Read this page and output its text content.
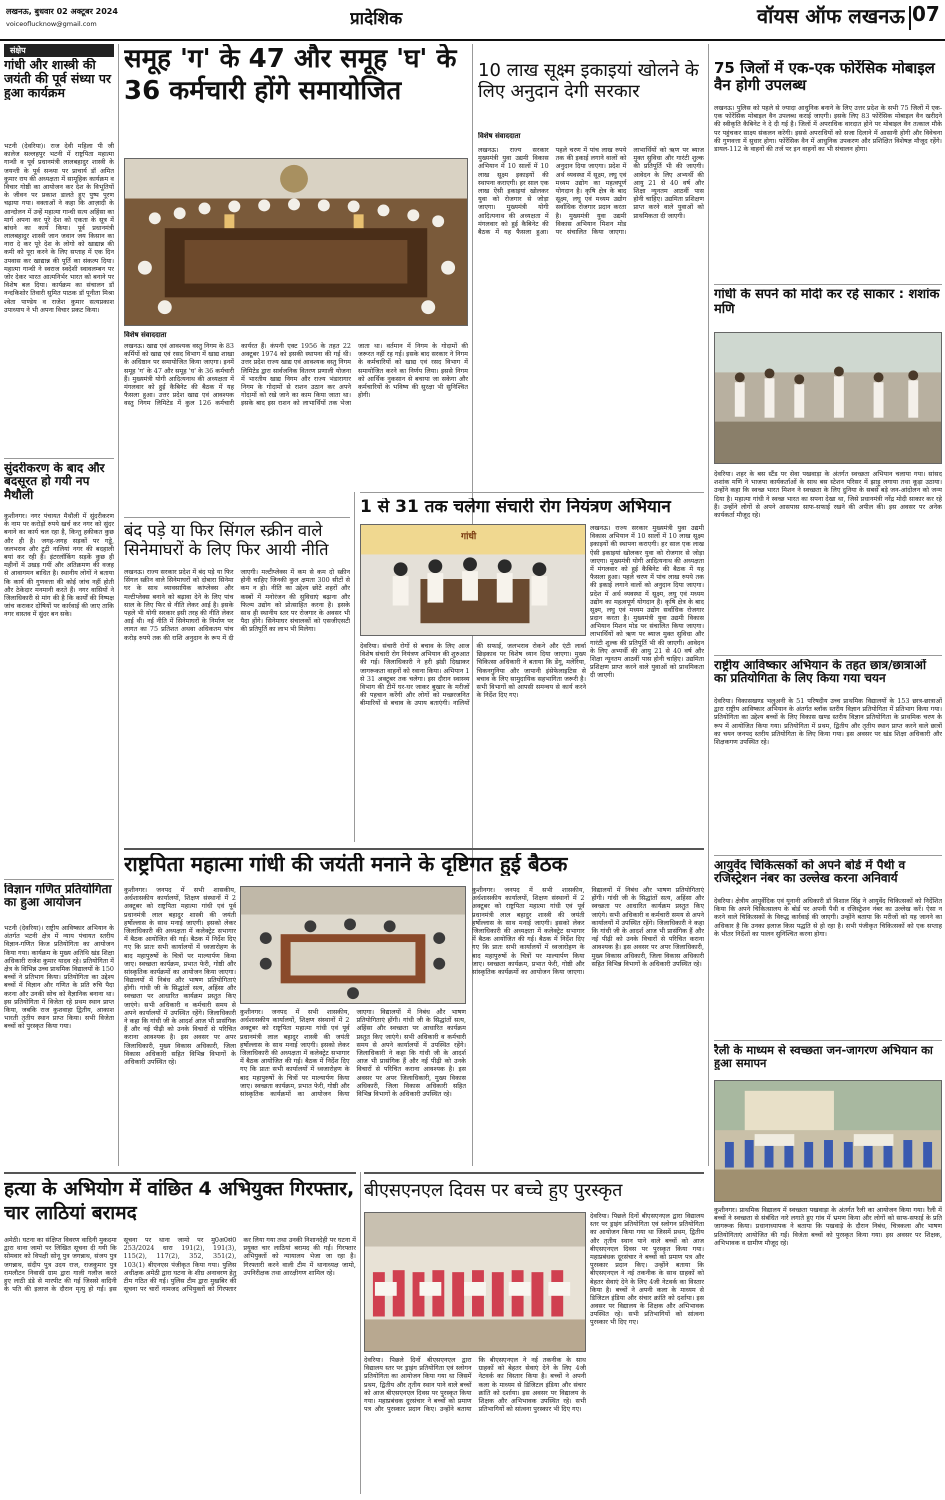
लखनऊ, बुधवार 02 अक्टूबर 2024
voiceoflucknow@gmail.com	प्रादेशिक	वॉयस ऑफ लखनऊ 07
संक्षेप
गांधी और शास्त्री की जयंती की पूर्व संध्या पर हुआ कार्यक्रम
भटनी (देवरिया)। राज देवी महिला पी जी कालेज सल्लहपुर भटनी में राष्ट्रपिता महात्मा गान्धी व पूर्व प्रधानमंत्री लालबहादुर शास्त्री के जयन्ती के पूर्व सन्ध्या पर प्राचार्य डॉ अमित कुमार राय की अध्यक्षता में सामूहिक कार्यक्रम व विचार गोष्ठी का आयोजन कर देश के विभूतियों के जीवन पर प्रकाश डालते हुए पुष्प पूरण चढ़ाया गया। वक्ताओं ने कहा कि आज़ादी के आन्दोलन में उन्हें महात्मा गान्धी सत्य अहिंसा का मार्ग अपना कर पूरे देश को एकता के सूत्र में बांधने का कार्य किया। पूर्व प्रधानमंत्री लालबहादुर शास्त्री जान जवान जय किसान का नारा दे कर पूरे देश के लोगो को खाद्यान्न की कमी को पूरा करने के लिए सप्ताह में एक दिन उपवास कर खाद्यान्न की पूर्ति का संकल्प दिया। महात्मा गान्धी ने स्वराज स्वदेशी स्वावलम्बन पर जोर देकर भारत आत्मनिर्भर भारत को बनाने पर विशेष बल दिया। कार्यक्रम का संचालन डॉ नन्दकिशोर तिवारी सुमित पाठक डॉ पूनीता मिश्रा श्वेता पाण्डेय व राजेश कुमार सत्यप्रकाश उपाध्याय ने भी अपना विचार प्रकट किया।
सुंदरीकरण के बाद और बदसूरत हो गयी नप मैथौली
कुशीनगर। नगर पंचायत मैथौली में सुंदरीकरण के नाम पर करोड़ों रुपये खर्च कर नगर को सुंदर बनाने का कार्य चल रहा है, किन्तु हकीकत कुछ और ही है। जगह-जगह सड़कों पर गड्ढे, जलभराव और टूटी नालियां नगर की बदहाली बयां कर रही हैं। इंटरलॉकिंग सड़कें कुछ ही महीनों में उखड़ गयीं और अतिक्रमण की वजह से आवागमन बाधित है। स्थानीय लोगों ने बताया कि कार्य की गुणवत्ता की कोई जांच नहीं होती और ठेकेदार मनमानी करते हैं। नगर वासियों ने जिलाधिकारी से मांग की है कि कार्यों की निष्पक्ष जांच कराकर दोषियों पर कार्रवाई की जाए ताकि नगर वास्तव में सुंदर बन सके।
विज्ञान गणित प्रतियोगिता का हुआ आयोजन
भटनी (देवरिया)। राष्ट्रीय आविष्कार अभियान के अंतर्गत भटनी क्षेत्र में न्याय पंचायत स्तरीय विज्ञान-गणित किज प्रतियोगिता का आयोजन किया गया। कार्यक्रम के मुख्य अतिथि खंड शिक्षा अधिकारी राजेश कुमार यादव रहे। प्रतियोगिता में क्षेत्र के विभिन्न उच्च प्राथमिक विद्यालयों के 150 बच्चों ने प्रतिभाग किया। प्रतियोगिता का उद्देश्य बच्चों में विज्ञान और गणित के प्रति रुचि पैदा करना और उनकी सोच को वैज्ञानिक बनाना था। इस प्रतियोगिता में विजेता रहे प्रथम स्थान प्राप्त किया, जबकि राज कुशवाहा द्वितीय, आकाश भारती तृतीय स्थान प्राप्त किया। सभी विजेता बच्चों को पुरस्कृत किया गया।
समूह 'ग' के 47 और समूह 'घ' के 36 कर्मचारी होंगे समायोजित
विशेष संवाददाता
लखनऊ। खाद्य एवं आवश्यक वस्तु निगम के 83 कर्मियों को खाद्य एवं रसद विभाग में खाद्य शाखा के अधिष्ठान पर समायोजित किया जाएगा। इनमें समूह 'ग' के 47 और समूह 'घ' के 36 कर्मचारी हैं। मुख्यमंत्री योगी आदित्यनाथ की अध्यक्षता में मंगलवार को हुई कैबिनेट की बैठक में यह फैसला हुआ। उत्तर प्रदेश खाद्य एवं आवश्यक वस्तु निगम लिमिटेड में कुल 126 कर्मचारी कार्यरत हैं। कंपनी एक्ट 1956 के तहत 22 अक्टूबर 1974 को इसकी स्थापना की गई थी। उत्तर प्रदेश राज्य खाद्य एवं आवश्यक वस्तु निगम लिमिटेड द्वारा सार्वजनिक वितरण प्रणाली योजना में भारतीय खाद्य निगम और राज्य भंडारागार निगम के गोदामों से राशन उठान कर अपने गोदामों को रखे जाने का काम किया जाता था। इसके बाद इस राशन को लाभार्थियों तक भेजा जाता था। वर्तमान में निगम के गोदामों की जरूरत नहीं रह गई। इसके बाद सरकार ने निगम के कर्मचारियों को खाद्य एवं रसद विभाग में समायोजित करने का निर्णय लिया। इससे निगम को आर्थिक नुकसान से बचाया जा सकेगा और कर्मचारियों के भविष्य की सुरक्षा भी सुनिश्चित होगी।
10 लाख सूक्ष्म इकाइयां खोलने के लिए अनुदान देगी सरकार
विशेष संवाददाता
लखनऊ। राज्य सरकार मुख्यमंत्री युवा उद्यमी विकास अभियान में 10 सालों में 10 लाख सूक्ष्म इकाइयों की स्थापना कराएगी। हर साल एक लाख ऐसी इकाइयां खोलकर युवा को रोजगार से जोड़ा जाएगा। मुख्यमंत्री योगी आदित्यनाथ की अध्यक्षता में मंगलवार को हुई कैबिनेट की बैठक में यह फैसला हुआ। पहले चरण में पांच लाख रुपये तक की इकाई लगाने वालों को अनुदान दिया जाएगा। प्रदेश में अर्थ व्यवस्था में सूक्ष्म, लघु एवं मध्यम उद्योग का महत्वपूर्ण योगदान है। कृषि क्षेत्र के बाद सूक्ष्म, लघु एवं मध्यम उद्योग सर्वाधिक रोजगार प्रदान करता है। मुख्यमंत्री युवा उद्यमी विकास अभियान मिशन मोड पर संचालित किया जाएगा। लाभार्थियों को ऋण पर ब्याज मुक्त सुविधा और गारंटी शुल्क की प्रतिपूर्ति भी की जाएगी। आवेदन के लिए अभ्यर्थी की आयु 21 से 40 वर्ष और शिक्षा न्यूनतम आठवीं पास होनी चाहिए। उद्यमिता प्रशिक्षण प्राप्त करने वाले युवाओं को प्राथमिकता दी जाएगी।
75 जिलों में एक-एक फोरेंसिक मोबाइल वैन होगी उपलब्ध
लखनऊ। पुलिस को पहले से ज्यादा आधुनिक बनाने के लिए उत्तर प्रदेश के सभी 75 जिलों में एक-एक फोरेंसिक मोबाइल वैन उपलब्ध कराई जाएगी। इसके लिए 83 फोरेंसिक मोबाइल वैन खरीदने की स्वीकृति कैबिनेट ने दे दी गई है। जिलों में अपराधिक वारदात होने पर मोबाइल वैन तत्काल मौके पर पहुंचकर साक्ष्य संकलन करेगी। इससे अपराधियों को सजा दिलाने में आसानी होगी और विवेचना की गुणवत्ता में सुधार होगा। फोरेंसिक वैन में आधुनिक उपकरण और प्रशिक्षित विशेषज्ञ मौजूद रहेंगे। डायल-112 के वाहनों की तर्ज पर इन वाहनों का भी संचालन होगा।
गांधी के सपने को मोदी कर रहे साकार : शशांक मणि
देवरिया। शहर के बस स्टैंड पर सेवा पखवाड़ा के अंतर्गत स्वच्छता अभियान चलाया गया। सांसद शशांक मणि ने भाजपा कार्यकर्ताओं के साथ बस स्टेशन परिसर में झाड़ू लगाया तथा कूड़ा उठाया। उन्होंने कहा कि स्वच्छ भारत मिशन ने स्वच्छता के लिए दुनिया के सबसे बड़े जन-आंदोलन को जन्म दिया है। महात्मा गांधी ने स्वच्छ भारत का सपना देखा था, जिसे प्रधानमंत्री नरेंद्र मोदी साकार कर रहे हैं। उन्होंने लोगों से अपने आसपास साफ-सफाई रखने की अपील की। इस अवसर पर अनेक कार्यकर्ता मौजूद रहे।
राष्ट्रीय आविष्कार अभियान के तहत छात्र/छात्राओं का प्रतियोगिता के लिए किया गया चयन
देवरिया। विकासखण्ड भलुअनी के 51 परिषदीय उच्च प्राथमिक विद्यालयों के 153 छात्र-छात्राओं द्वारा राष्ट्रीय आविष्कार अभियान के अंतर्गत ब्लॉक स्तरीय विज्ञान प्रतियोगिता में प्रतिभाग किया गया। प्रतियोगिता का उद्देश्य बच्चों के लिए विकास खण्ड स्तरीय विज्ञान प्रतियोगिता के प्राथमिक चरण के रूप में आयोजित किया गया। प्रतियोगिता में प्रथम, द्वितीय और तृतीय स्थान प्राप्त करने वाले छात्रों का चयन जनपद स्तरीय प्रतियोगिता के लिए किया गया। इस अवसर पर खंड शिक्षा अधिकारी और शिक्षकगण उपस्थित रहे।
आयुर्वेद चिकित्सकों को अपने बोर्ड में पैथी व रजिस्ट्रेशन नंबर का उल्लेख करना अनिवार्य
देवरिया। क्षेत्रीय आयुर्वेदिक एवं यूनानी अधिकारी डॉ विशाल सिंह ने आयुर्वेद चिकित्सकों को निर्देशित किया कि अपने चिकित्सालय के बोर्ड पर अपनी पैथी व रजिस्ट्रेशन नंबर का उल्लेख करें। ऐसा न करने वाले चिकित्सकों के विरुद्ध कार्रवाई की जाएगी। उन्होंने बताया कि मरीजों को यह जानने का अधिकार है कि उनका इलाज किस पद्धति से हो रहा है। सभी पंजीकृत चिकित्सकों को एक सप्ताह के भीतर निर्देशों का पालन सुनिश्चित करना होगा।
रैली के माध्यम से स्वच्छता जन-जागरण अभियान का हुआ समापन
कुशीनगर। प्राथमिक विद्यालय में स्वच्छता पखवाड़ा के अंतर्गत रैली का आयोजन किया गया। रैली में बच्चों ने स्वच्छता से संबंधित नारे लगाते हुए गांव में भ्रमण किया और लोगों को साफ-सफाई के प्रति जागरूक किया। प्रधानाध्यापक ने बताया कि पखवाड़े के दौरान निबंध, चित्रकला और भाषण प्रतियोगिताएं आयोजित की गईं। विजेता बच्चों को पुरस्कृत किया गया। इस अवसर पर शिक्षक, अभिभावक व ग्रामीण मौजूद रहे।
बंद पड़े या फिर सिंगल स्क्रीन वाले सिनेमाघरों के लिए फिर आयी नीति
लखनऊ। राज्य सरकार प्रदेश में बंद पड़े या फिर सिंगल स्क्रीन वाले सिनेमाघरों को दोबारा सिनेमा घर के साथ व्यावसायिक कांप्लेक्स और मल्टीप्लेक्स बनाने को बढ़ावा देने के लिए पांच साल के लिए फिर से नीति लेकर आई है। इसके पहले भी योगी सरकार इसी तरह की नीति लेकर आई थी। नई नीति में सिनेमाघरों के निर्माण पर लागत का 75 प्रतिशत अथवा अधिकतम पांच करोड़ रुपये तक की राशि अनुदान के रूप में दी जाएगी। मल्टीप्लेक्स में कम से कम दो स्क्रीन होनी चाहिए जिनकी कुल क्षमता 300 सीटों से कम न हो। नीति का उद्देश्य छोटे शहरों और कस्बों में मनोरंजन की सुविधाएं बढ़ाना और फिल्म उद्योग को प्रोत्साहित करना है। इसके साथ ही स्थानीय स्तर पर रोजगार के अवसर भी पैदा होंगे। सिनेमाघर संचालकों को एसजीएसटी की प्रतिपूर्ति का लाभ भी मिलेगा।
1 से 31 तक चलेगा संचारी रोग नियंत्रण अभियान
गांधी
देवरिया। संचारी रोगों से बचाव के लिए आज विशेष संचारी रोग नियंत्रण अभियान की शुरुआत की गई। जिलाधिकारी ने हरी झंडी दिखाकर जागरूकता वाहनों को रवाना किया। अभियान 1 से 31 अक्टूबर तक चलेगा। इस दौरान स्वास्थ्य विभाग की टीमें घर-घर जाकर बुखार के मरीजों की पहचान करेंगी और लोगों को मच्छरजनित बीमारियों से बचाव के उपाय बताएंगी। नालियों की सफाई, जलभराव रोकने और एंटी लार्वा छिड़काव पर विशेष ध्यान दिया जाएगा। मुख्य चिकित्सा अधिकारी ने बताया कि डेंगू, मलेरिया, चिकनगुनिया और जापानी इंसेफेलाइटिस से बचाव के लिए सामुदायिक सहभागिता जरूरी है। सभी विभागों को आपसी समन्वय से कार्य करने के निर्देश दिए गए।
लखनऊ। राज्य सरकार मुख्यमंत्री युवा उद्यमी विकास अभियान में 10 सालों में 10 लाख सूक्ष्म इकाइयों की स्थापना कराएगी। हर साल एक लाख ऐसी इकाइयां खोलकर युवा को रोजगार से जोड़ा जाएगा। मुख्यमंत्री योगी आदित्यनाथ की अध्यक्षता में मंगलवार को हुई कैबिनेट की बैठक में यह फैसला हुआ। पहले चरण में पांच लाख रुपये तक की इकाई लगाने वालों को अनुदान दिया जाएगा। प्रदेश में अर्थ व्यवस्था में सूक्ष्म, लघु एवं मध्यम उद्योग का महत्वपूर्ण योगदान है। कृषि क्षेत्र के बाद सूक्ष्म, लघु एवं मध्यम उद्योग सर्वाधिक रोजगार प्रदान करता है। मुख्यमंत्री युवा उद्यमी विकास अभियान मिशन मोड पर संचालित किया जाएगा। लाभार्थियों को ऋण पर ब्याज मुक्त सुविधा और गारंटी शुल्क की प्रतिपूर्ति भी की जाएगी। आवेदन के लिए अभ्यर्थी की आयु 21 से 40 वर्ष और शिक्षा न्यूनतम आठवीं पास होनी चाहिए। उद्यमिता प्रशिक्षण प्राप्त करने वाले युवाओं को प्राथमिकता दी जाएगी।
राष्ट्रपिता महात्मा गांधी की जयंती मनाने के दृष्टिगत हुई बैठक
कुशीनगर। जनपद में सभी शासकीय, अर्धशासकीय कार्यालयों, शिक्षण संस्थानों में 2 अक्टूबर को राष्ट्रपिता महात्मा गांधी एवं पूर्व प्रधानमंत्री लाल बहादुर शास्त्री की जयंती हर्षोल्लास के साथ मनाई जाएगी। इसको लेकर जिलाधिकारी की अध्यक्षता में कलेक्ट्रेट सभागार में बैठक आयोजित की गई। बैठक में निर्देश दिए गए कि प्रातः सभी कार्यालयों में ध्वजारोहण के बाद महापुरुषों के चित्रों पर माल्यार्पण किया जाए। स्वच्छता कार्यक्रम, प्रभात फेरी, गोष्ठी और सांस्कृतिक कार्यक्रमों का आयोजन किया जाएगा। विद्यालयों में निबंध और भाषण प्रतियोगिताएं होंगी। गांधी जी के सिद्धांतों सत्य, अहिंसा और स्वच्छता पर आधारित कार्यक्रम प्रस्तुत किए जाएंगे। सभी अधिकारी व कर्मचारी समय से अपने कार्यालयों में उपस्थित रहेंगे। जिलाधिकारी ने कहा कि गांधी जी के आदर्श आज भी प्रासंगिक हैं और नई पीढ़ी को उनके विचारों से परिचित कराना आवश्यक है। इस अवसर पर अपर जिलाधिकारी, मुख्य विकास अधिकारी, जिला विकास अधिकारी सहित विभिन्न विभागों के अधिकारी उपस्थित रहे।
कुशीनगर। जनपद में सभी शासकीय, अर्धशासकीय कार्यालयों, शिक्षण संस्थानों में 2 अक्टूबर को राष्ट्रपिता महात्मा गांधी एवं पूर्व प्रधानमंत्री लाल बहादुर शास्त्री की जयंती हर्षोल्लास के साथ मनाई जाएगी। इसको लेकर जिलाधिकारी की अध्यक्षता में कलेक्ट्रेट सभागार में बैठक आयोजित की गई। बैठक में निर्देश दिए गए कि प्रातः सभी कार्यालयों में ध्वजारोहण के बाद महापुरुषों के चित्रों पर माल्यार्पण किया जाए। स्वच्छता कार्यक्रम, प्रभात फेरी, गोष्ठी और सांस्कृतिक कार्यक्रमों का आयोजन किया जाएगा। विद्यालयों में निबंध और भाषण प्रतियोगिताएं होंगी। गांधी जी के सिद्धांतों सत्य, अहिंसा और स्वच्छता पर आधारित कार्यक्रम प्रस्तुत किए जाएंगे। सभी अधिकारी व कर्मचारी समय से अपने कार्यालयों में उपस्थित रहेंगे। जिलाधिकारी ने कहा कि गांधी जी के आदर्श आज भी प्रासंगिक हैं और नई पीढ़ी को उनके विचारों से परिचित कराना आवश्यक है। इस अवसर पर अपर जिलाधिकारी, मुख्य विकास अधिकारी, जिला विकास अधिकारी सहित विभिन्न विभागों के अधिकारी उपस्थित रहे।
कुशीनगर। जनपद में सभी शासकीय, अर्धशासकीय कार्यालयों, शिक्षण संस्थानों में 2 अक्टूबर को राष्ट्रपिता महात्मा गांधी एवं पूर्व प्रधानमंत्री लाल बहादुर शास्त्री की जयंती हर्षोल्लास के साथ मनाई जाएगी। इसको लेकर जिलाधिकारी की अध्यक्षता में कलेक्ट्रेट सभागार में बैठक आयोजित की गई। बैठक में निर्देश दिए गए कि प्रातः सभी कार्यालयों में ध्वजारोहण के बाद महापुरुषों के चित्रों पर माल्यार्पण किया जाए। स्वच्छता कार्यक्रम, प्रभात फेरी, गोष्ठी और सांस्कृतिक कार्यक्रमों का आयोजन किया जाएगा। विद्यालयों में निबंध और भाषण प्रतियोगिताएं होंगी। गांधी जी के सिद्धांतों सत्य, अहिंसा और स्वच्छता पर आधारित कार्यक्रम प्रस्तुत किए जाएंगे। सभी अधिकारी व कर्मचारी समय से अपने कार्यालयों में उपस्थित रहेंगे। जिलाधिकारी ने कहा कि गांधी जी के आदर्श आज भी प्रासंगिक हैं और नई पीढ़ी को उनके विचारों से परिचित कराना आवश्यक है। इस अवसर पर अपर जिलाधिकारी, मुख्य विकास अधिकारी, जिला विकास अधिकारी सहित विभिन्न विभागों के अधिकारी उपस्थित रहे।
हत्या के अभियोग में वांछित 4 अभियुक्त गिरफ्तार, चार लाठियां बरामद
अमेठी। घटना का संक्षिप्त विवरण वादिनी मुकदमा द्वारा थाना जामो पर लिखित सूचना दी गयी कि सोमवार को विपक्षी सोनू पुत्र जगन्नाथ, संजय पुत्र जगन्नाथ, संदीप पुत्र उदय राज, राजकुमार पुत्र रामलौटन निवासी ग्राम द्वारा गाली गलौज करते हुए लाठी डंडे से मारपीट की गई जिससे वादिनी के पति की इलाज के दौरान मृत्यु हो गई। इस सूचना पर थाना जामो पर मु0अ0सं0 253/2024 धारा 191(2), 191(3), 115(2), 117(2), 352, 351(2), 103(1) बीएनएस पंजीकृत किया गया। पुलिस अधीक्षक अमेठी द्वारा घटना के शीघ्र अनावरण हेतु टीम गठित की गई। पुलिस टीम द्वारा मुखबिर की सूचना पर चारों नामजद अभियुक्तों को गिरफ्तार कर लिया गया तथा उनकी निशानदेही पर घटना में प्रयुक्त चार लाठियां बरामद की गईं। गिरफ्तार अभियुक्तों को न्यायालय भेजा जा रहा है। गिरफ्तारी करने वाली टीम में थानाध्यक्ष जामो, उपनिरीक्षक तथा आरक्षीगण शामिल रहे।
बीएसएनएल दिवस पर बच्चे हुए पुरस्कृत
देवरिया। पिछले दिनों बीएसएनएल द्वारा विद्यालय स्तर पर ड्राइंग प्रतियोगिता एवं स्लोगन प्रतियोगिता का आयोजन किया गया था जिसमें प्रथम, द्वितीय और तृतीय स्थान पाने वाले बच्चों को आज बीएसएनएल दिवस पर पुरस्कृत किया गया। महाप्रबंधक दूरसंचार ने बच्चों को प्रमाण पत्र और पुरस्कार प्रदान किए। उन्होंने बताया कि बीएसएनएल ने नई तकनीक के साथ ग्राहकों को बेहतर सेवाएं देने के लिए 4जी नेटवर्क का विस्तार किया है। बच्चों ने अपनी कला के माध्यम से डिजिटल इंडिया और संचार क्रांति को दर्शाया। इस अवसर पर विद्यालय के शिक्षक और अभिभावक उपस्थित रहे। सभी प्रतिभागियों को सांत्वना पुरस्कार भी दिए गए।
देवरिया। पिछले दिनों बीएसएनएल द्वारा विद्यालय स्तर पर ड्राइंग प्रतियोगिता एवं स्लोगन प्रतियोगिता का आयोजन किया गया था जिसमें प्रथम, द्वितीय और तृतीय स्थान पाने वाले बच्चों को आज बीएसएनएल दिवस पर पुरस्कृत किया गया। महाप्रबंधक दूरसंचार ने बच्चों को प्रमाण पत्र और पुरस्कार प्रदान किए। उन्होंने बताया कि बीएसएनएल ने नई तकनीक के साथ ग्राहकों को बेहतर सेवाएं देने के लिए 4जी नेटवर्क का विस्तार किया है। बच्चों ने अपनी कला के माध्यम से डिजिटल इंडिया और संचार क्रांति को दर्शाया। इस अवसर पर विद्यालय के शिक्षक और अभिभावक उपस्थित रहे। सभी प्रतिभागियों को सांत्वना पुरस्कार भी दिए गए।
